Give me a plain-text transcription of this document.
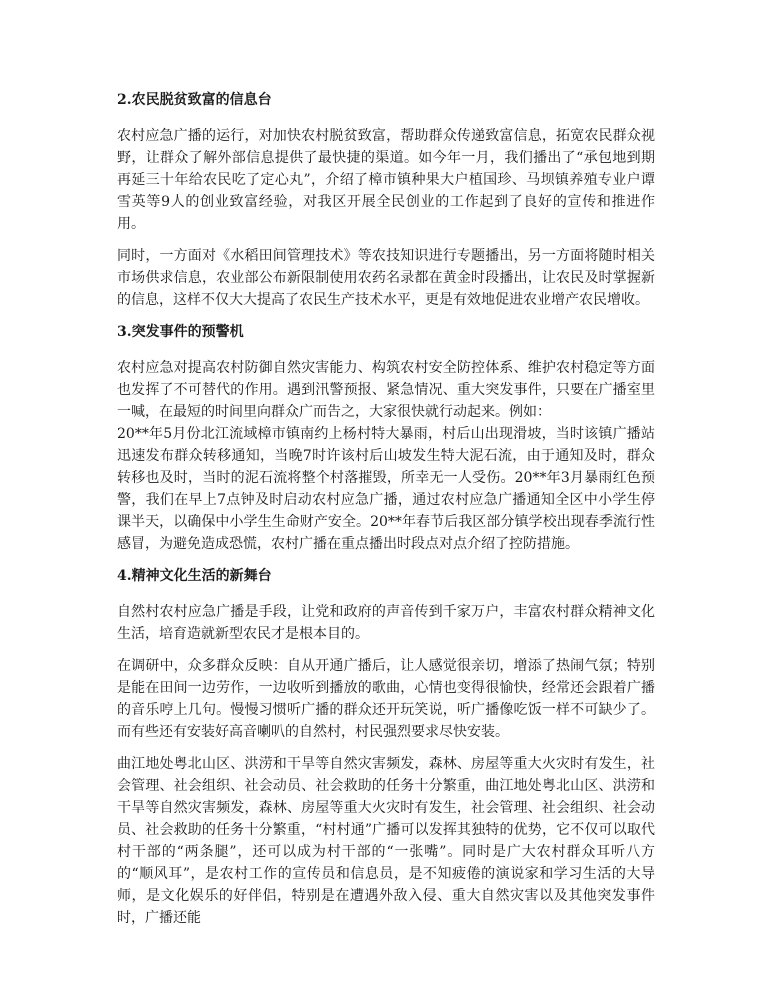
2.农民脱贫致富的信息台

农村应急广播的运行，对加快农村脱贫致富，帮助群众传递致富信息，拓宽农民群众视野，让群众了解外部信息提供了最快捷的渠道。如今年一月，我们播出了“承包地到期再延三十年给农民吃了定心丸”，介绍了樟市镇种果大户植国珍、马坝镇养殖专业户谭雪英等9人的创业致富经验，对我区开展全民创业的工作起到了良好的宣传和推进作用。

同时，一方面对《水稻田间管理技术》等农技知识进行专题播出，另一方面将随时相关市场供求信息，农业部公布新限制使用农药名录都在黄金时段播出，让农民及时掌握新的信息，这样不仅大大提高了农民生产技术水平，更是有效地促进农业增产农民增收。

3.突发事件的预警机

农村应急对提高农村防御自然灾害能力、构筑农村安全防控体系、维护农村稳定等方面也发挥了不可替代的作用。遇到汛警预报、紧急情况、重大突发事件，只要在广播室里一喊，在最短的时间里向群众广而告之，大家很快就行动起来。例如：

20**年5月份北江流域樟市镇南约上杨村特大暴雨，村后山出现滑坡，当时该镇广播站迅速发布群众转移通知，当晚7时许该村后山坡发生特大泥石流，由于通知及时，群众转移也及时，当时的泥石流将整个村落摧毁，所幸无一人受伤。20**年3月暴雨红色预警，我们在早上7点钟及时启动农村应急广播，通过农村应急广播通知全区中小学生停课半天，以确保中小学生生命财产安全。20**年春节后我区部分镇学校出现春季流行性感冒，为避免造成恐慌，农村广播在重点播出时段点对点介绍了控防措施。

4.精神文化生活的新舞台

自然村农村应急广播是手段，让党和政府的声音传到千家万户，丰富农村群众精神文化生活，培育造就新型农民才是根本目的。

在调研中，众多群众反映：自从开通广播后，让人感觉很亲切，增添了热闹气氛；特别是能在田间一边劳作，一边收听到播放的歌曲，心情也变得很愉快，经常还会跟着广播的音乐哼上几句。慢慢习惯听广播的群众还开玩笑说，听广播像吃饭一样不可缺少了。而有些还有安装好高音喇叭的自然村，村民强烈要求尽快安装。

曲江地处粤北山区、洪涝和干旱等自然灾害频发，森林、房屋等重大火灾时有发生，社会管理、社会组织、社会动员、社会救助的任务十分繁重，曲江地处粤北山区、洪涝和干旱等自然灾害频发，森林、房屋等重大火灾时有发生，社会管理、社会组织、社会动员、社会救助的任务十分繁重，“村村通”广播可以发挥其独特的优势，它不仅可以取代村干部的“两条腿”，还可以成为村干部的“一张嘴”。同时是广大农村群众耳听八方的“顺风耳”，是农村工作的宣传员和信息员，是不知疲倦的演说家和学习生活的大导师，是文化娱乐的好伴侣，特别是在遭遇外敌入侵、重大自然灾害以及其他突发事件时，广播还能
